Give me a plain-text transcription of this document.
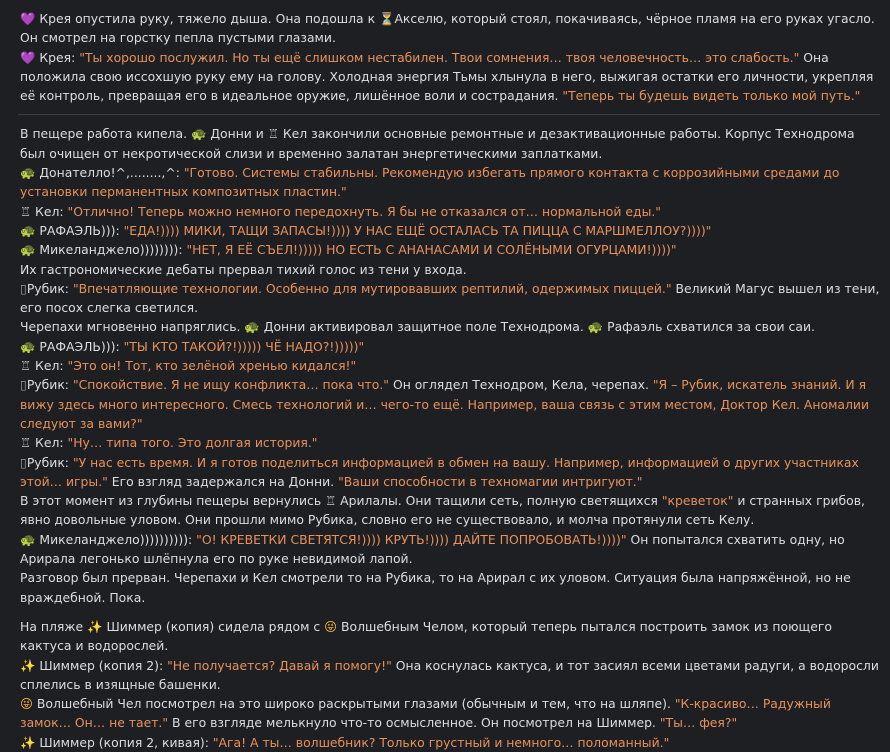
💜 Крея опустила руку, тяжело дыша. Она подошла к ⏳Акселю, который стоял, покачиваясь, чёрное пламя на его руках угасло. Он смотрел на горстку пепла пустыми глазами.

💜 Крея: "Ты хорошо послужил. Но ты ещё слишком нестабилен. Твои сомнения… твоя человечность… это слабость." Она положила свою иссохшую руку ему на голову. Холодная энергия Тьмы хлынула в него, выжигая остатки его личности, укрепляя её контроль, превращая его в идеальное оружие, лишённое воли и сострадания. "Теперь ты будешь видеть только мой путь."

В пещере работа кипела. 🐢 Донни и ♖ Кел закончили основные ремонтные и дезактивационные работы. Корпус Технодрома был очищен от некротической слизи и временно залатан энергетическими заплатками.

🐢 Донателло!^,........,^: "Готово. Системы стабильны. Рекомендую избегать прямого контакта с коррозийными средами до установки перманентных композитных пластин."

♖ Кел: "Отлично! Теперь можно немного передохнуть. Я бы не отказался от… нормальной еды."

🐢 РАФАЭЛЬ))): "ЕДА!)))) МИКИ, ТАЩИ ЗАПАСЫ!)))) У НАС ЕЩЁ ОСТАЛАСЬ ТА ПИЦЦА С МАРШМЕЛЛОУ?))))"

🐢 Микеланджело)))))))): "НЕТ, Я ЕЁ СЪЕЛ!))))) НО ЕСТЬ С АНАНАСАМИ И СОЛЁНЫМИ ОГУРЦАМИ!))))"

Их гастрономические дебаты прервал тихий голос из тени у входа.

▯Рубик: "Впечатляющие технологии. Особенно для мутировавших рептилий, одержимых пиццей." Великий Магус вышел из тени, его посох слегка светился.

Черепахи мгновенно напряглись. 🐢 Донни активировал защитное поле Технодрома. 🐢 Рафаэль схватился за свои саи.

🐢 РАФАЭЛЬ))): "ТЫ КТО ТАКОЙ?!))))) ЧЁ НАДО?!)))))"

♖ Кел: "Это он! Тот, кто зелёной хренью кидался!"

▯Рубик: "Спокойствие. Я не ищу конфликта… пока что." Он оглядел Технодром, Кела, черепах. "Я – Рубик, искатель знаний. И я вижу здесь много интересного. Смесь технологий и… чего-то ещё. Например, ваша связь с этим местом, Доктор Кел. Аномалии следуют за вами?"

♖ Кел: "Ну… типа того. Это долгая история."

▯Рубик: "У нас есть время. И я готов поделиться информацией в обмен на вашу. Например, информацией о других участниках этой… игры." Его взгляд задержался на Донни. "Ваши способности в техномагии интригуют."

В этот момент из глубины пещеры вернулись ♖ Арилалы. Они тащили сеть, полную светящихся "креветок" и странных грибов, явно довольные уловом. Они прошли мимо Рубика, словно его не существовало, и молча протянули сеть Келу.

🐢 Микеланджело)))))))))): "О! КРЕВЕТКИ СВЕТЯТСЯ!)))) КРУТЬ!)))) ДАЙТЕ ПОПРОБОВАТЬ!))))" Он попытался схватить одну, но Арирала легонько шлёпнула его по руке невидимой лапой.

Разговор был прерван. Черепахи и Кел смотрели то на Рубика, то на Арирал с их уловом. Ситуация была напряжённой, но не враждебной. Пока.

На пляже ✨ Шиммер (копия) сидела рядом с 😜 Волшебным Челом, который теперь пытался построить замок из поющего кактуса и водорослей.

✨ Шиммер (копия 2): "Не получается? Давай я помогу!" Она коснулась кактуса, и тот засиял всеми цветами радуги, а водоросли сплелись в изящные башенки.

😜 Волшебный Чел посмотрел на это широко раскрытыми глазами (обычным и тем, что на шляпе). "К-красиво… Радужный замок… Он… не тает." В его взгляде мелькнуло что-то осмысленное. Он посмотрел на Шиммер. "Ты… фея?"

✨ Шиммер (копия 2, кивая): "Ага! А ты… волшебник? Только грустный и немного… поломанный."
